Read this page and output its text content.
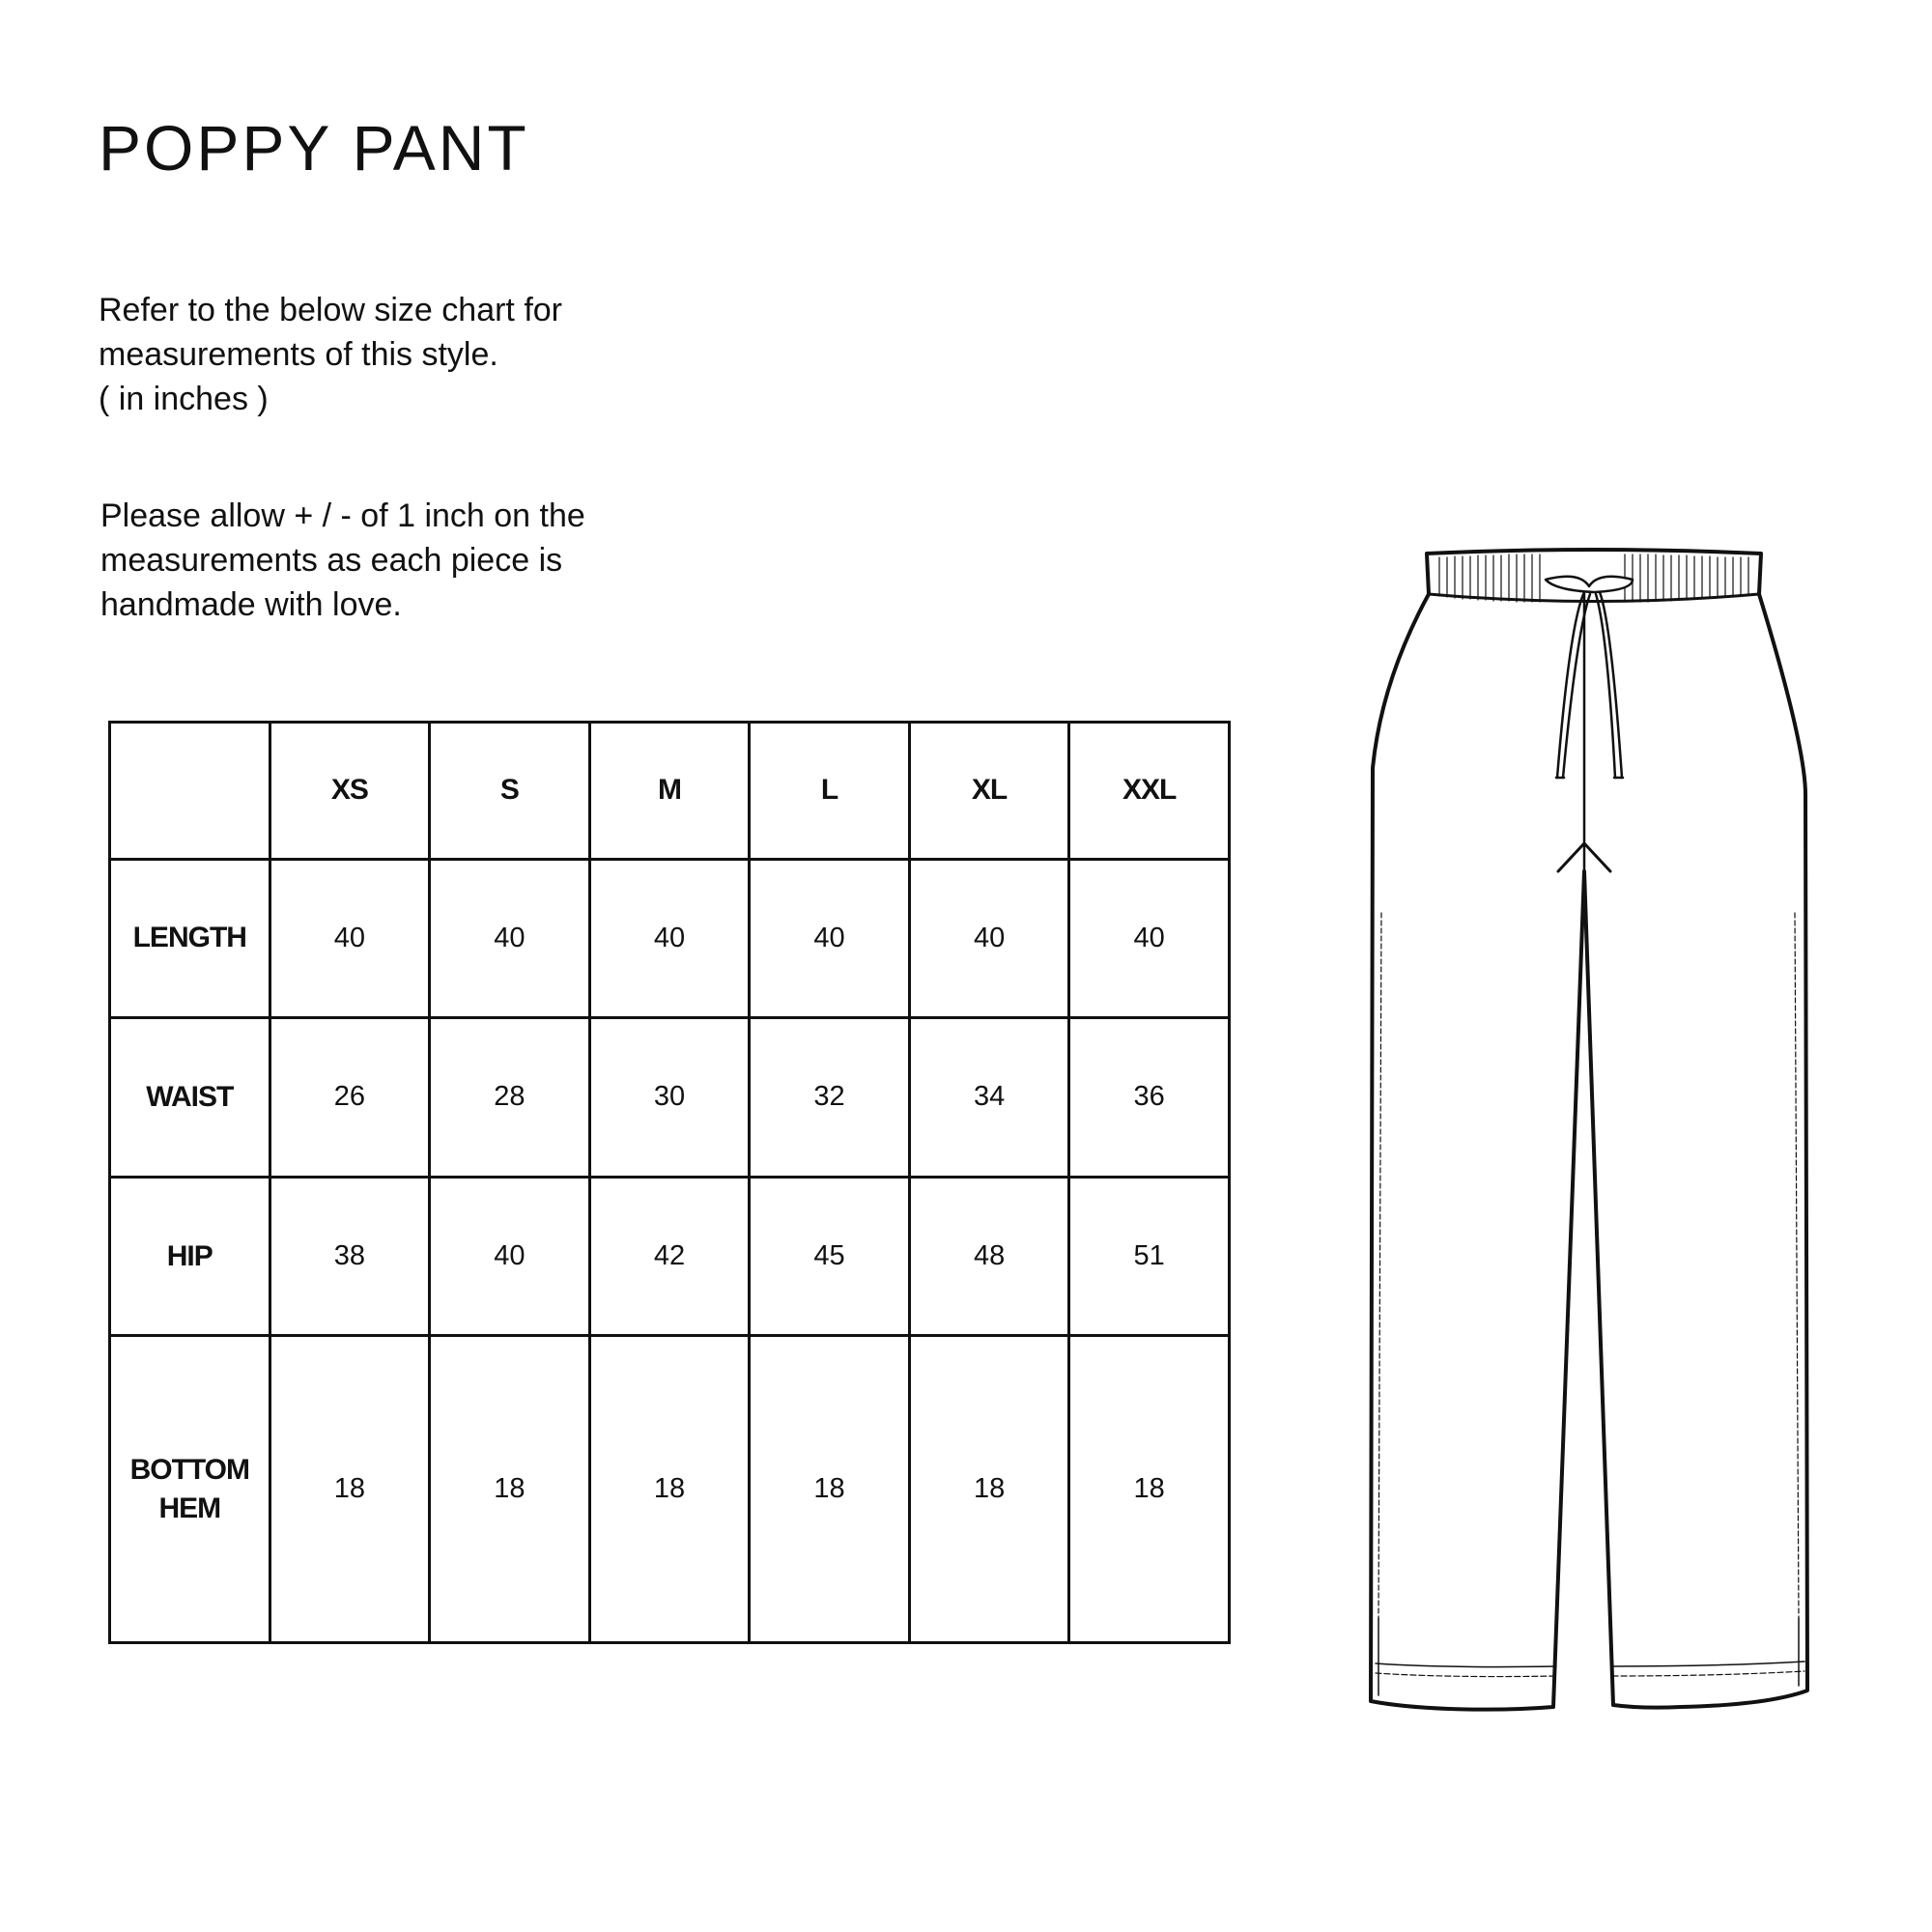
POPPY PANT

Refer to the below size chart for
measurements of this style.
( in inches )

Please allow + / - of 1 inch on the
measurements as each piece is
handmade with love.

	XS	S	M	L	XL	XXL

LENGTH	40	40	40	40	40	40

WAIST	26	28	30	32	34	36

HIP	38	40	42	45	48	51

BOTTOM
HEM	18	18	18	18	18	18
